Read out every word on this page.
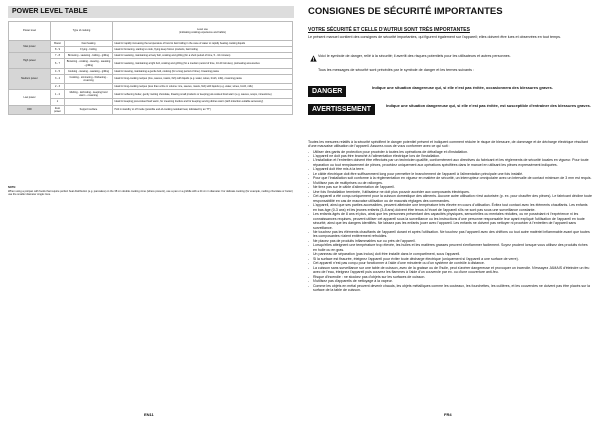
POWER LEVEL TABLE
Power level	Type of cooking		Level use
(indicating cooking experience and habits)

Max power	Boost	Fast heating	Ideal for rapidly increasing the temperature of food to fast boiling in the case of water or rapidly heating cooking liquids
	8 - 9	Frying - boiling	Ideal for browning, starting to cook, frying deep frozen products, fast boiling
High power	7 - 8	Browning - sautéing - boiling - grilling	Ideal for sautéing, maintaining a lively boil, cooking and grilling (for a short period of time, 5 - 10 minutes)
	6 - 7	Browning - cooking - stewing - sautéing - grilling	Ideal for sautéing, maintaining a light boil, cooking and grilling (for a medium period of time, 10-20 minutes), preheating accessories
Medium power	4 - 5	Cooking - stewing - sautéing - grilling	Ideal for stewing, maintaining a gentle boil, cooking (for a long period of time). Creaming pasta
	3 - 4	Cooking - simmering - thickening - creaming	Ideal for long-cooking recipes (rice, sauces, roasts, fish) with liquids (e.g. water, wines, broth, milk), creaming pasta
	2 - 3		Ideal for long-cooking recipes (less than a litre in volume: rice, sauces, roasts, fish) with liquids (e.g. water, wines, broth, milk)
Low power	1 - 2	Melting - defrosting - keeping food warm - creaming	Ideal for softening butter, gently melting chocolate, thawing small products or keeping just-cooked food warm (e.g. sauces, soups, minestrone)
	1		Ideal for keeping just-cooked food warm, for creaming risottos and for keeping serving dishes warm (with induction-suitable accessory)
OFF	Zero power	Support surface	Hob in standby or off mode (possible end-of-cooking residual heat, indicated by an "H")
NOTE:
When using a pot/pan with foods that require perfect heat distribution (e.g. pancakes) on the 38 cm double cooking zone (where present), use a pan or a griddle with a 24 cm in diameter. For delicate cooking (for example, melting chocolate or butter) use the smaller diameter single zone.
EN11
CONSIGNES DE SÉCURITÉ IMPORTANTES
VOTRE SÉCURITÉ ET CELLE D'AUTRUI SONT TRÈS IMPORTANTES
Le présent manuel contient des consignes de sécurité importantes, qui figurent également sur l'appareil; elles doivent être lues et observées en tout temps.
Voici le symbole de danger, relié à la sécurité; il avertit des risques potentiels pour les utilisateurs et autres personnes.
Tous les messages de sécurité sont précédés par le symbole de danger et les termes suivants :
DANGER
Indique une situation dangereuse qui, si elle n'est pas évitée, occasionnera des blessures graves.
AVERTISSEMENT
Indique une situation dangereuse qui, si elle n'est pas évitée, est susceptible d'entraîner des blessures graves.
Toutes les mesures relatifs à la sécurité spécifient le danger potentiel présent et indiquent comment réduire le risque de blessure, de dommage et de décharge électrique résultant d'une mauvaise utilisation de l'appareil. Assurez-vous de vous conformer avec ce qui suit :
- Utiliser des gants de protection pour procéder à toutes les opérations de déballage et d'installation.
- L'appareil ne doit pas être branché à l'alimentation électrique lors de l'installation.
- L'installation et l'entretien doivent être effectués par un technicien qualifié, conformément aux directives du fabricant et les règlements de sécurité locales en vigueur. Pour toute réparation ou tout remplacement de pièces, procédez uniquement aux opérations spécifiées dans le manuel en utilisant les pièces expressément indiquées.
- L'appareil doit être mis à la terre.
- Le câble électrique doit être suffisamment long pour permettre le branchement de l'appareil à l'alimentation principale une fois installé.
- Pour que l'installation soit conforme à la réglementation en vigueur en matière de sécurité, un interrupteur omnipolaire avec un intervalle de contact minimum de 3 mm est requis.
- N'utilisez pas de multiprises ou de rallonges.
- Ne tirez pas sur le câble d'alimentation de l'appareil.
- Une fois l'installation terminée, l'utilisateur ne doit plus pouvoir accéder aux composants électriques.
- Cet appareil a été conçu uniquement pour la cuisson domestique des aliments. Aucune autre utilisation n'est autorisée (p. ex. pour chauffer des pièces). Le fabricant décline toute responsabilité en cas de mauvaise utilisation ou de mauvais réglages des commandes.
- L'appareil, ainsi que ses parties accessibles, peuvent atteindre une température très élevée en cours d'utilisation. Évitez tout contact avec les éléments chauffants. Les enfants en bas âge (0-3 ans) et les jeunes enfants (3-8 ans) doivent être tenus à l'écart de l'appareil s'ils ne sont pas sous une surveillance constante.
- Les enfants âgés de 8 ans et plus, ainsi que les personnes présentant des capacités physiques, sensorielles ou mentales réduites, ou ne possédant ni l'expérience ni les connaissances requises, peuvent utiliser cet appareil sous la surveillance ou les instructions d'une personne responsable leur ayant expliqué l'utilisation de l'appareil en toute sécurité, ainsi que les dangers identifiés. Ne laissez pas les enfants jouer avec l'appareil. Les enfants ne doivent pas nettoyer ni procéder à l'entretien de l'appareil sans surveillance.
- Ne touchez pas les éléments chauffants de l'appareil durant et après l'utilisation. Ne touchez pas l'appareil avec des chiffons ou tout autre matériel inflammable avant que toutes les composantes n'aient entièrement refroidies.
- Ne placez pas de produits inflammables sur ou près de l'appareil.
- Lorsqu'elles atteignent une température trop élevée, les huiles et les matières grasses peuvent s'enflammer facilement. Soyez prudent lorsque vous utilisez des produits riches en huile ou en gras.
- Un panneau de séparation (pas inclus) doit être installé dans le compartiment, sous l'appareil.
- Si la surface est fissurée, éteignez l'appareil pour éviter toute décharge électrique (uniquement si l'appareil a une surface de verre).
- Cet appareil n'est pas conçu pour fonctionner à l'aide d'une minuterie ou d'un système de contrôle à distance.
- La cuisson sans surveillance sur une table de cuisson, avec de la graisse ou de l'huile, peut s'avérer dangereuse et provoquer un incendie. N'essayez JAMAIS d'éteindre un feu avec de l'eau, éteignez l'appareil puis couvrez les flammes à l'aide d'un couvercle par ex. ou d'une couverture anti-feu.
- Risque d'incendie : ne stockez pas d'objets sur les surfaces de cuisson.
- N'utilisez pas d'appareils de nettoyage à la vapeur.
- Comme les objets en métal peuvent devenir chauds, les objets métalliques comme les couteaux, les fourchettes, les cuillères, et les couvercles ne doivent pas être placés sur la surface de la table de cuisson.
FR4
